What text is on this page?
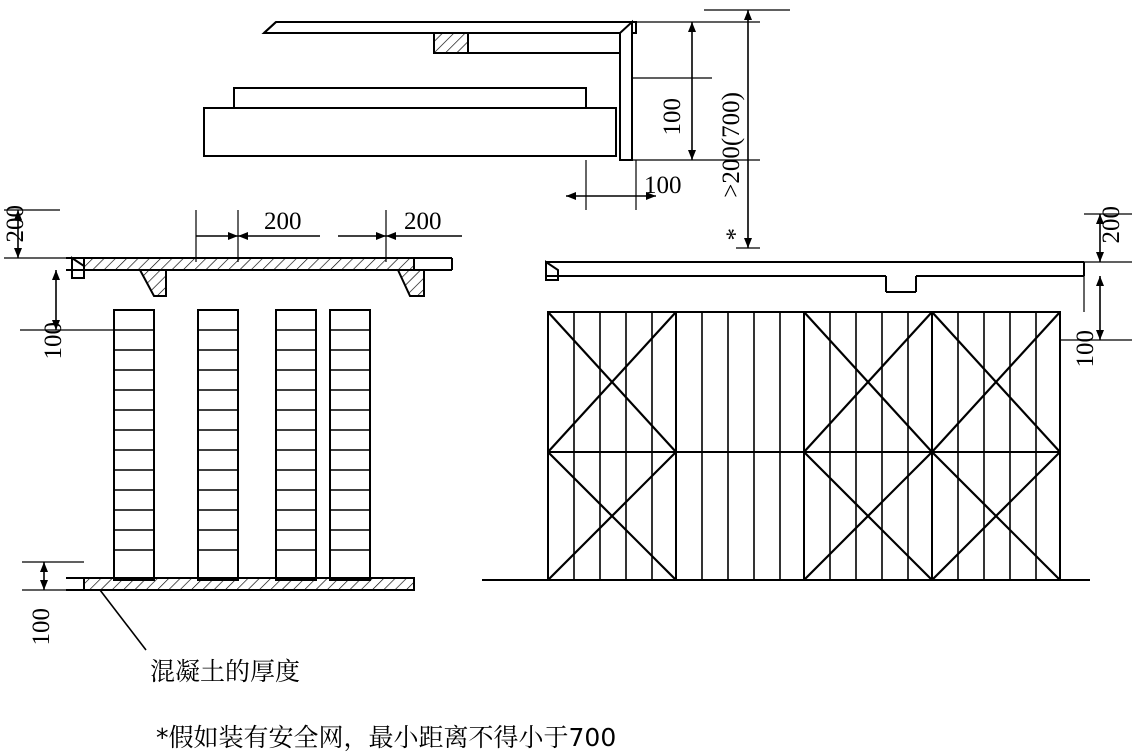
100
100 >200(700)
*
200	200	200
100
100
200
100
混凝土的厚度
*假如装有安全网，最小距离不得小于700
